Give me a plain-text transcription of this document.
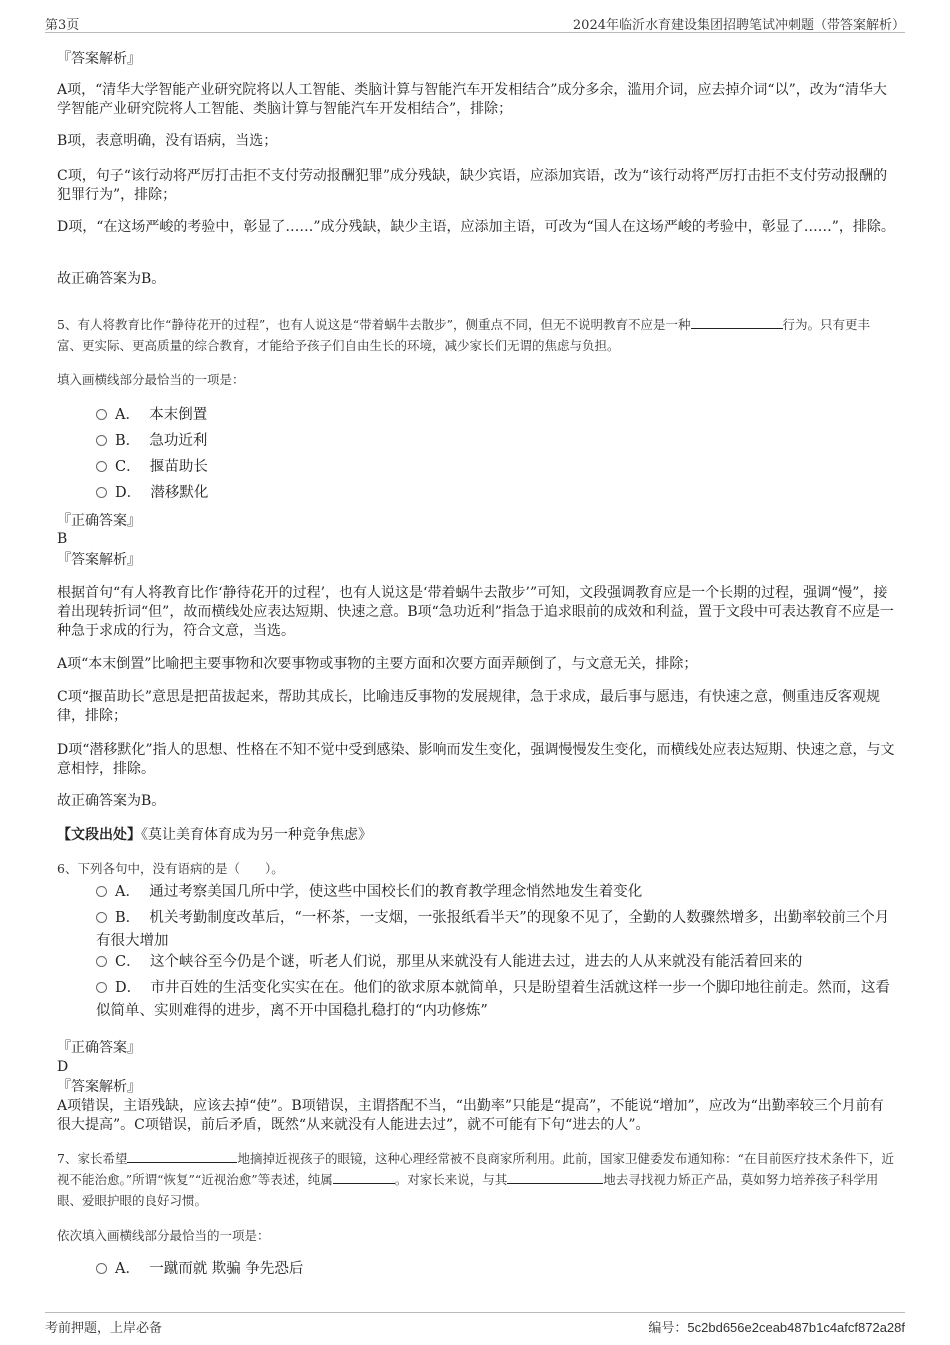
第3页	2024年临沂水育建设集团招聘笔试冲刺题（带答案解析）
『答案解析』
A项，“清华大学智能产业研究院将以人工智能、类脑计算与智能汽车开发相结合”成分多余，滥用介词，应去掉介词“以”，改为“清华大学智能产业研究院将人工智能、类脑计算与智能汽车开发相结合”，排除；
B项，表意明确，没有语病，当选；
C项，句子“该行动将严厉打击拒不支付劳动报酬犯罪”成分残缺，缺少宾语，应添加宾语，改为“该行动将严厉打击拒不支付劳动报酬的犯罪行为”，排除；
D项，“在这场严峻的考验中，彰显了……”成分残缺，缺少主语，应添加主语，可改为“国人在这场严峻的考验中，彰显了……”，排除。
故正确答案为B。
5、有人将教育比作“静待花开的过程”，也有人说这是“带着蜗牛去散步”，侧重点不同，但无不说明教育不应是一种	行为。只有更丰富、更实际、更高质量的综合教育，才能给予孩子们自由生长的环境，减少家长们无谓的焦虑与负担。
填入画横线部分最恰当的一项是：
A． 本末倒置
B． 急功近利
C． 揠苗助长
D． 潜移默化
『正确答案』
B
『答案解析』
根据首句“有人将教育比作‘静待花开的过程’，也有人说这是‘带着蜗牛去散步’”可知，文段强调教育应是一个长期的过程，强调“慢”，接着出现转折词“但”，故而横线处应表达短期、快速之意。B项“急功近利”指急于追求眼前的成效和利益，置于文段中可表达教育不应是一种急于求成的行为，符合文意，当选。
A项“本末倒置”比喻把主要事物和次要事物或事物的主要方面和次要方面弄颠倒了，与文意无关，排除；
C项“揠苗助长”意思是把苗拔起来，帮助其成长，比喻违反事物的发展规律，急于求成，最后事与愿违，有快速之意，侧重违反客观规律，排除；
D项“潜移默化”指人的思想、性格在不知不觉中受到感染、影响而发生变化，强调慢慢发生变化，而横线处应表达短期、快速之意，与文意相悖，排除。
故正确答案为B。
【文段出处】《莫让美育体育成为另一种竞争焦虑》
6、下列各句中，没有语病的是（　　）。
A． 通过考察美国几所中学，使这些中国校长们的教育教学理念悄然地发生着变化
B． 机关考勤制度改革后，“一杯茶，一支烟，一张报纸看半天”的现象不见了，全勤的人数骤然增多，出勤率较前三个月有很大增加
C． 这个峡谷至今仍是个谜，听老人们说，那里从来就没有人能进去过，进去的人从来就没有能活着回来的
D． 市井百姓的生活变化实实在在。他们的欲求原本就简单，只是盼望着生活就这样一步一个脚印地往前走。然而，这看似简单、实则难得的进步，离不开中国稳扎稳打的“内功修炼”
『正确答案』
D
『答案解析』
A项错误，主语残缺，应该去掉“使”。B项错误，主谓搭配不当，“出勤率”只能是“提高”，不能说“增加”，应改为“出勤率较三个月前有很大提高”。C项错误，前后矛盾，既然“从来就没有人能进去过”，就不可能有下句“进去的人”。
7、家长希望	地摘掉近视孩子的眼镜，这种心理经常被不良商家所利用。此前，国家卫健委发布通知称：“在目前医疗技术条件下，近视不能治愈。”所谓“恢复”“近视治愈”等表述，纯属	。对家长来说，与其	地去寻找视力矫正产品，莫如努力培养孩子科学用眼、爱眼护眼的良好习惯。
依次填入画横线部分最恰当的一项是：
A． 一蹴而就 欺骗 争先恐后
考前押题，上岸必备	编号：5c2bd656e2ceab487b1c4afcf872a28f
